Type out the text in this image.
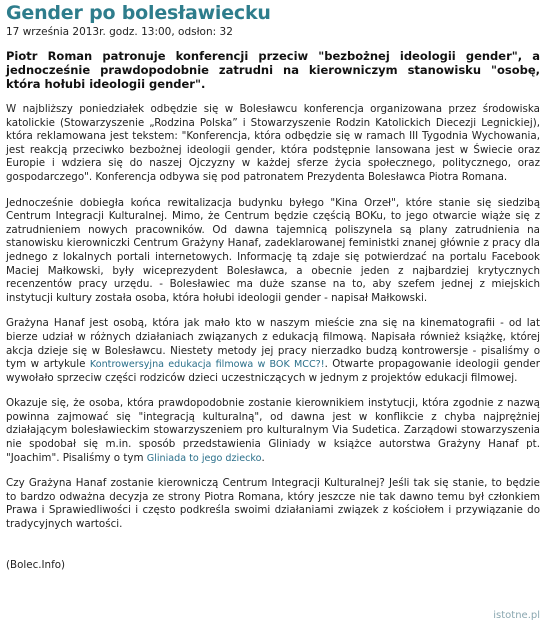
Gender po bolesławiecku
17 września 2013r. godz. 13:00, odsłon: 32

Piotr Roman patronuje konferencji przeciw "bezbożnej ideologii gender", a jednocześnie prawdopodobnie zatrudni na kierowniczym stanowisku "osobę, która hołubi ideologii gender".

W najbliższy poniedziałek odbędzie się w Bolesławcu konferencja organizowana przez środowiska katolickie (Stowarzyszenie „Rodzina Polska” i Stowarzyszenie Rodzin Katolickich Diecezji Legnickiej), która reklamowana jest tekstem: "Konferencja, która odbędzie się w ramach III Tygodnia Wychowania, jest reakcją przeciwko bezbożnej ideologii gender, która podstępnie lansowana jest w Świecie oraz Europie i wdziera się do naszej Ojczyzny w każdej sferze życia społecznego, politycznego, oraz gospodarczego". Konferencja odbywa się pod patronatem Prezydenta Bolesławca Piotra Romana.

Jednocześnie dobiegła końca rewitalizacja budynku byłego "Kina Orzeł", które stanie się siedzibą Centrum Integracji Kulturalnej. Mimo, że Centrum będzie częścią BOKu, to jego otwarcie wiąże się z zatrudnieniem nowych pracowników. Od dawna tajemnicą poliszynela są plany zatrudnienia na stanowisku kierowniczki Centrum Grażyny Hanaf, zadeklarowanej feministki znanej głównie z pracy dla jednego z lokalnych portali internetowych. Informację tą zdaje się potwierdzać na portalu Facebook Maciej Małkowski, były wiceprezydent Bolesławca, a obecnie jeden z najbardziej krytycznych recenzentów pracy urzędu. - Bolesławiec ma duże szanse na to, aby szefem jednej z miejskich instytucji kultury została osoba, która hołubi ideologii gender - napisał Małkowski.

Grażyna Hanaf jest osobą, która jak mało kto w naszym mieście zna się na kinematografii - od lat bierze udział w różnych działaniach związanych z edukacją filmową. Napisała również książkę, której akcja dzieje się w Bolesławcu. Niestety metody jej pracy nierzadko budzą kontrowersje - pisaliśmy o tym w artykule Kontrowersyjna edukacja filmowa w BOK MCC?!. Otwarte propagowanie ideologii gender wywołało sprzeciw części rodziców dzieci uczestniczących w jednym z projektów edukacji filmowej.

Okazuje się, że osoba, która prawdopodobnie zostanie kierownikiem instytucji, która zgodnie z nazwą powinna zajmować się "integracją kulturalną", od dawna jest w konflikcie z chyba najprężniej działającym bolesławieckim stowarzyszeniem pro kulturalnym Via Sudetica. Zarządowi stowarzyszenia nie spodobał się m.in. sposób przedstawienia Gliniady w książce autorstwa Grażyny Hanaf pt. "Joachim". Pisaliśmy o tym Gliniada to jego dziecko.

Czy Grażyna Hanaf zostanie kierowniczą Centrum Integracji Kulturalnej? Jeśli tak się stanie, to będzie to bardzo odważna decyzja ze strony Piotra Romana, który jeszcze nie tak dawno temu był członkiem Prawa i Sprawiedliwości i często podkreśla swoimi działaniami związek z kościołem i przywiązanie do tradycyjnych wartości.

(Bolec.Info)

istotne.pl
